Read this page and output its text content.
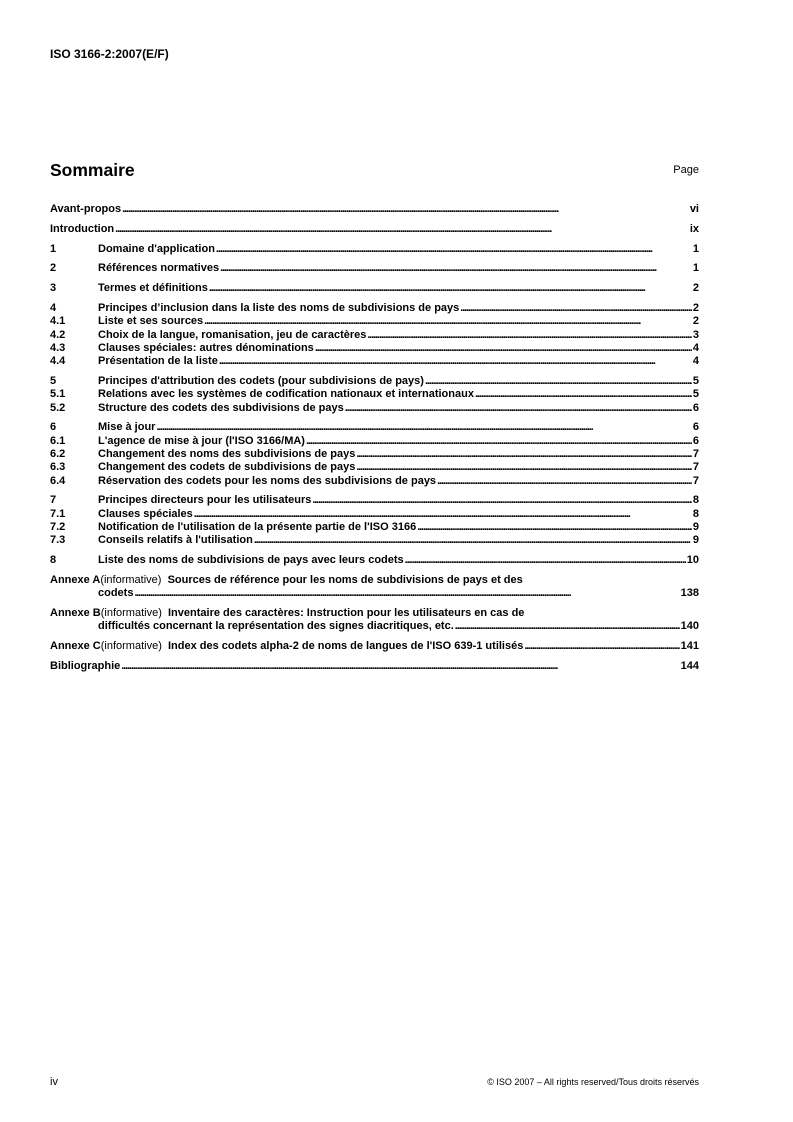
ISO 3166-2:2007(E/F)
Sommaire	Page
Avant-propos . . .	vi
Introduction . . .	ix
1	Domaine d'application . . .	1
2	Références normatives . . .	1
3	Termes et définitions . . .	2
4	Principes d’inclusion dans la liste des noms de subdivisions de pays . . .	2
4.1	Liste et ses sources . . .	2
4.2	Choix de la langue, romanisation, jeu de caractères . . .	3
4.3	Clauses spéciales: autres dénominations . . .	4
4.4	Présentation de la liste . . .	4
5	Principes d'attribution des codets (pour subdivisions de pays) . . .	5
5.1	Relations avec les systèmes de codification nationaux et internationaux . . .	5
5.2	Structure des codets des subdivisions de pays . . .	6
6	Mise à jour . . .	6
6.1	L'agence de mise à jour (l'ISO 3166/MA) . . .	6
6.2	Changement des noms des subdivisions de pays . . .	7
6.3	Changement des codets de subdivisions de pays . . .	7
6.4	Réservation des codets pour les noms des subdivisions de pays . . .	7
7	Principes directeurs pour les utilisateurs . . .	8
7.1	Clauses spéciales . . .	8
7.2	Notification de l'utilisation de la présente partie de l'ISO 3166 . . .	9
7.3	Conseils relatifs à l'utilisation . . .	9
8	Liste des noms de subdivisions de pays avec leurs codets . . .	10
Annexe A (informative)
Sources de référence pour les noms de subdivisions de pays et des
codets . . .	138
Annexe B (informative)
Inventaire des caractères: Instruction pour les utilisateurs en cas de
difficultés concernant la représentation des signes diacritiques, etc. . . .	140
Annexe C (informative)
Index des codets alpha-2 de noms de langues de l'ISO 639-1 utilisés . . .	141
Bibliographie . . .	144
iv	© ISO 2007 – All rights reserved/Tous droits réservés
